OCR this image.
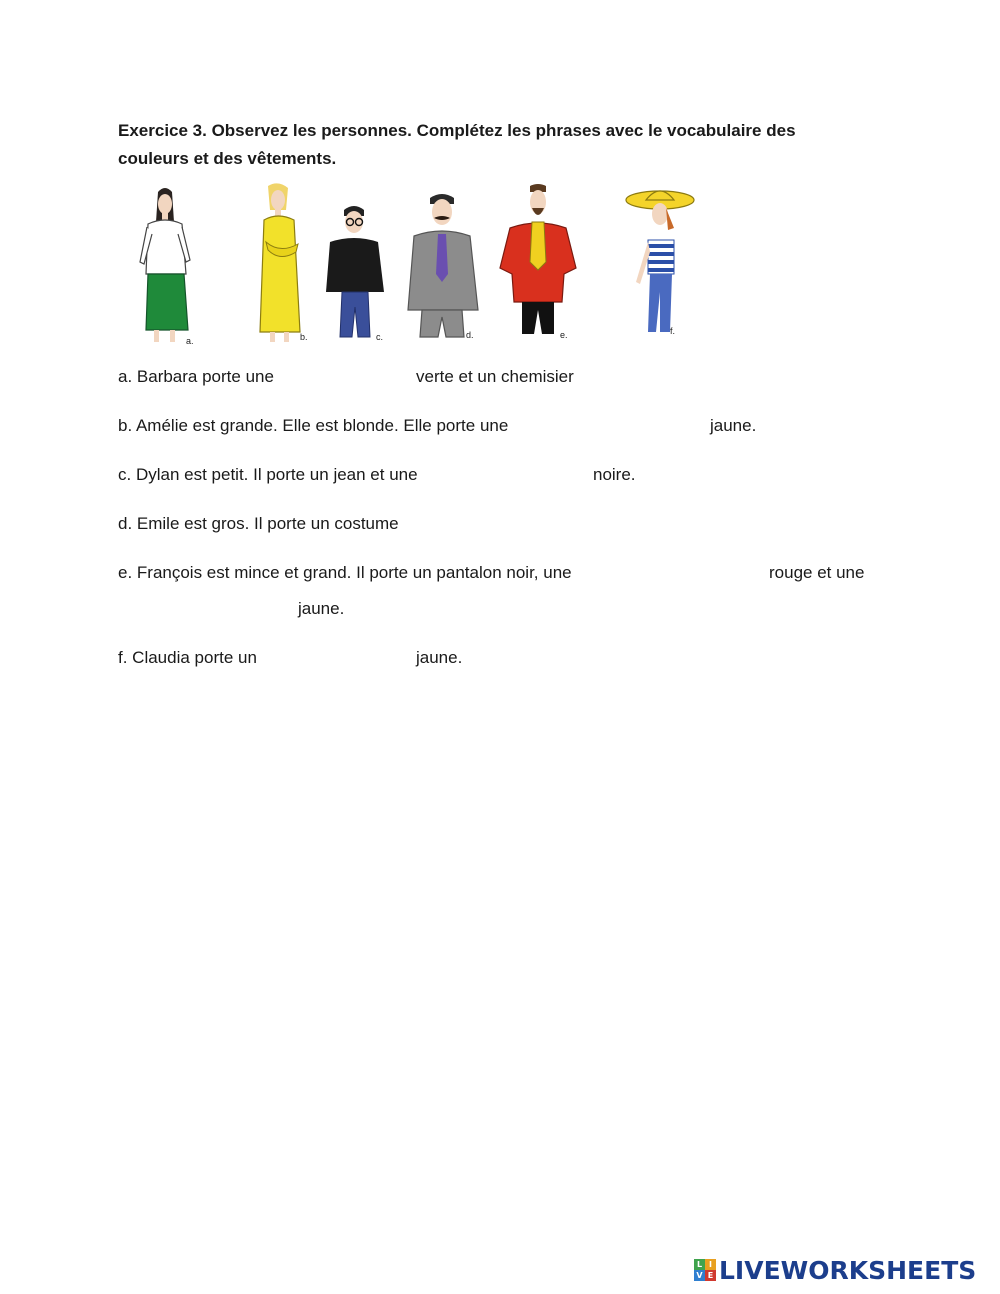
Exercice 3. Observez les personnes. Complétez les phrases avec le vocabulaire des
couleurs et des vêtements.
a.	b.	c.	d.	e.	f.
a. Barbara porte une	verte et un chemisier
b. Amélie est grande. Elle est blonde. Elle porte une	jaune.
c. Dylan est petit. Il porte un jean et une	noire.
d. Emile est gros. Il porte un costume
e. François est mince et grand. Il porte un pantalon noir, une	rouge et une
jaune.
f. Claudia porte un	jaune.
L I
V E LIVEWORKSHEETS
